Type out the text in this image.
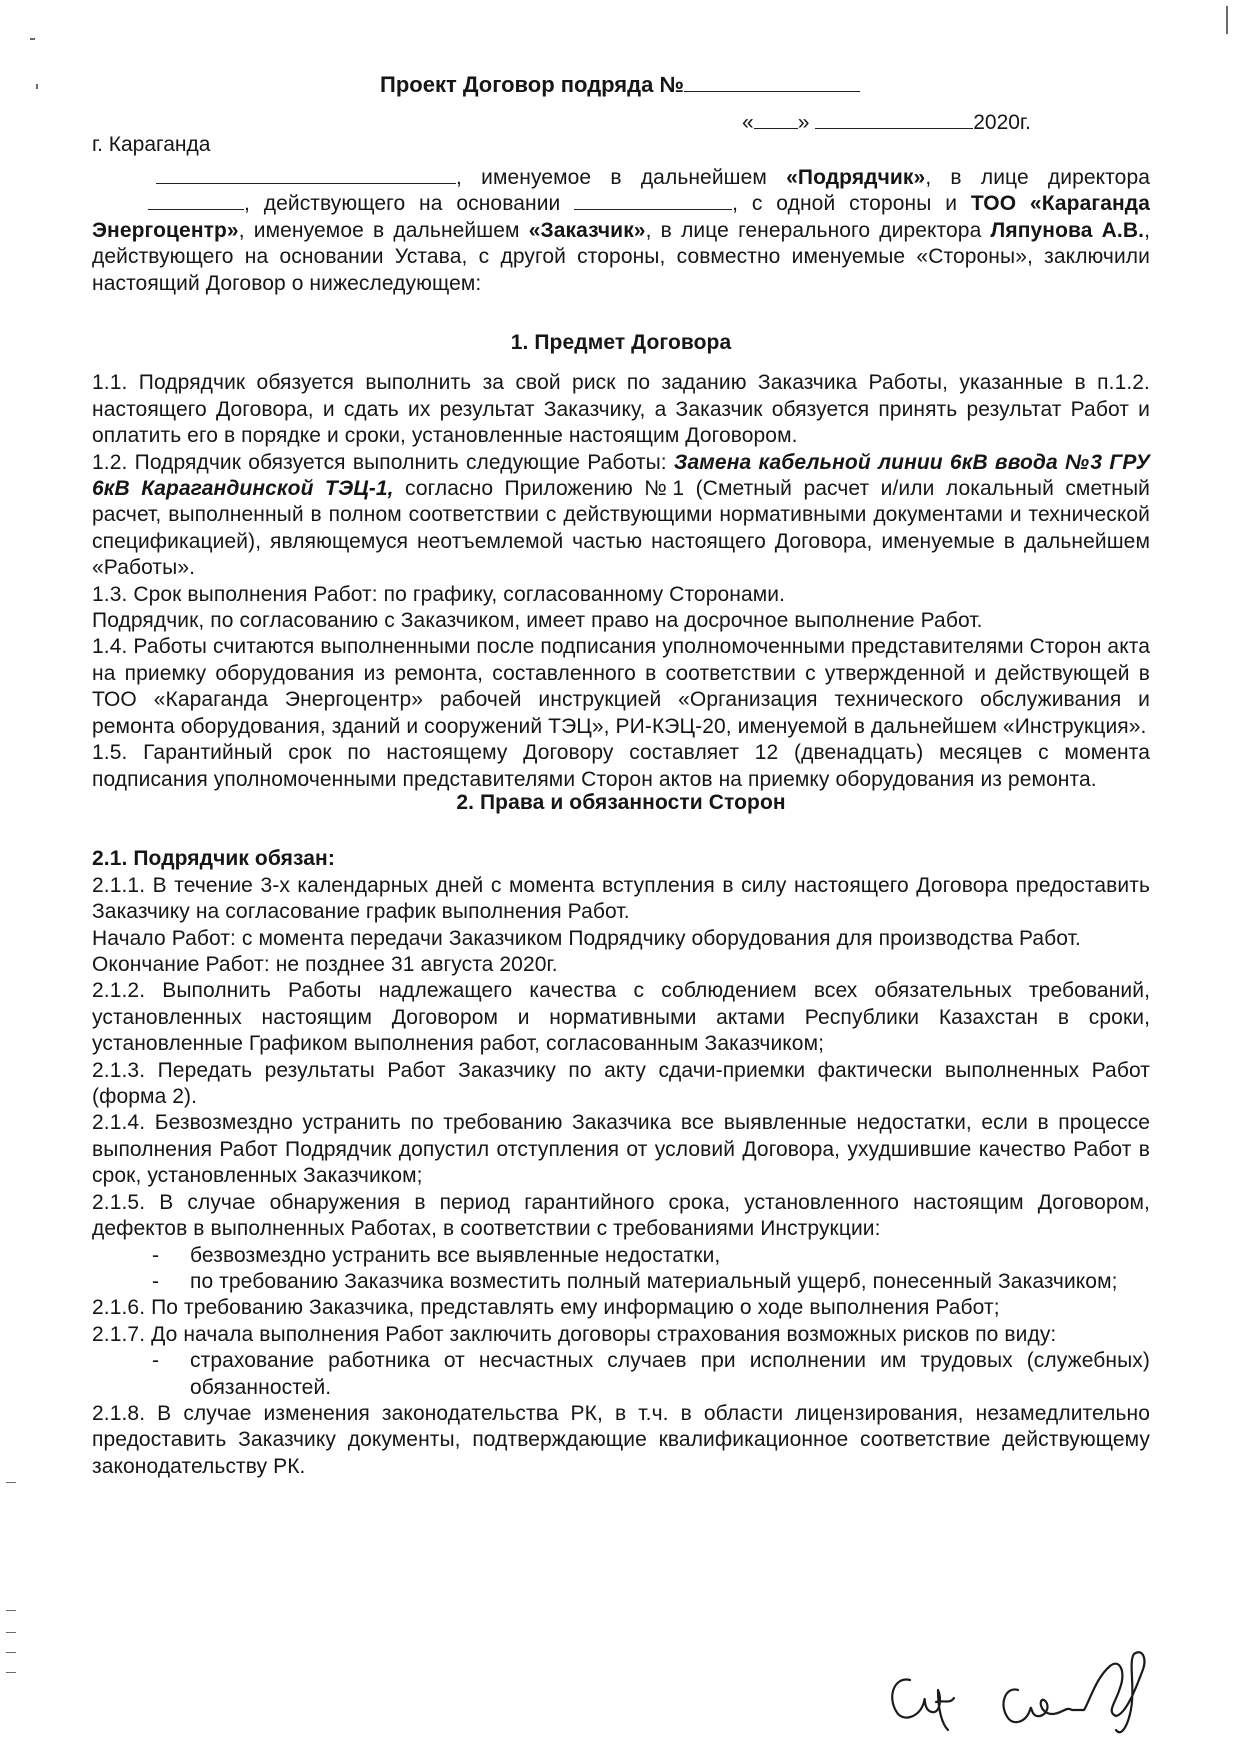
Проект Договор подряда №
« »	2020г.
г. Караганда

, именуемое в дальнейшем «Подрядчик», в лице директора , действующего на основании	, с одной стороны и ТОО «Караганда Энергоцентр», именуемое в дальнейшем «Заказчик», в лице генерального директора Ляпунова А.В., действующего на основании Устава, с другой стороны, совместно именуемые «Стороны», заключили настоящий Договор о нижеследующем:

1. Предмет Договора

1.1. Подрядчик обязуется выполнить за свой риск по заданию Заказчика Работы, указанные в п.1.2. настоящего Договора, и сдать их результат Заказчику, а Заказчик обязуется принять результат Работ и оплатить его в порядке и сроки, установленные настоящим Договором.

1.2. Подрядчик обязуется выполнить следующие Работы: Замена кабельной линии 6кВ ввода №3 ГРУ 6кВ Карагандинской ТЭЦ-1, согласно Приложению №1 (Сметный расчет и/или локальный сметный расчет, выполненный в полном соответствии с действующими нормативными документами и технической спецификацией), являющемуся неотъемлемой частью настоящего Договора, именуемые в дальнейшем «Работы».

1.3. Срок выполнения Работ: по графику, согласованному Сторонами.

Подрядчик, по согласованию с Заказчиком, имеет право на досрочное выполнение Работ.

1.4. Работы считаются выполненными после подписания уполномоченными представителями Сторон акта на приемку оборудования из ремонта, составленного в соответствии с утвержденной и действующей в ТОО «Караганда Энергоцентр» рабочей инструкцией «Организация технического обслуживания и ремонта оборудования, зданий и сооружений ТЭЦ», РИ-КЭЦ-20, именуемой в дальнейшем «Инструкция».

1.5. Гарантийный срок по настоящему Договору составляет 12 (двенадцать) месяцев с момента подписания уполномоченными представителями Сторон актов на приемку оборудования из ремонта.

2. Права и обязанности Сторон

2.1. Подрядчик обязан:

2.1.1. В течение 3-х календарных дней с момента вступления в силу настоящего Договора предоставить Заказчику на согласование график выполнения Работ.

Начало Работ: с момента передачи Заказчиком Подрядчику оборудования для производства Работ.

Окончание Работ: не позднее 31 августа 2020г.

2.1.2. Выполнить Работы надлежащего качества с соблюдением всех обязательных требований, установленных настоящим Договором и нормативными актами Республики Казахстан в сроки, установленные Графиком выполнения работ, согласованным Заказчиком;

2.1.3. Передать результаты Работ Заказчику по акту сдачи-приемки фактически выполненных Работ (форма 2).

2.1.4. Безвозмездно устранить по требованию Заказчика все выявленные недостатки, если в процессе выполнения Работ Подрядчик допустил отступления от условий Договора, ухудшившие качество Работ в срок, установленных Заказчиком;

2.1.5. В случае обнаружения в период гарантийного срока, установленного настоящим Договором, дефектов в выполненных Работах, в соответствии с требованиями Инструкции:

- безвозмездно устранить все выявленные недостатки,

- по требованию Заказчика возместить полный материальный ущерб, понесенный Заказчиком;

2.1.6. По требованию Заказчика, представлять ему информацию о ходе выполнения Работ;

2.1.7. До начала выполнения Работ заключить договоры страхования возможных рисков по виду:

- страхование работника от несчастных случаев при исполнении им трудовых (служебных) обязанностей.

2.1.8. В случае изменения законодательства РК, в т.ч. в области лицензирования, незамедлительно предоставить Заказчику документы, подтверждающие квалификационное соответствие действующему законодательству РК.
